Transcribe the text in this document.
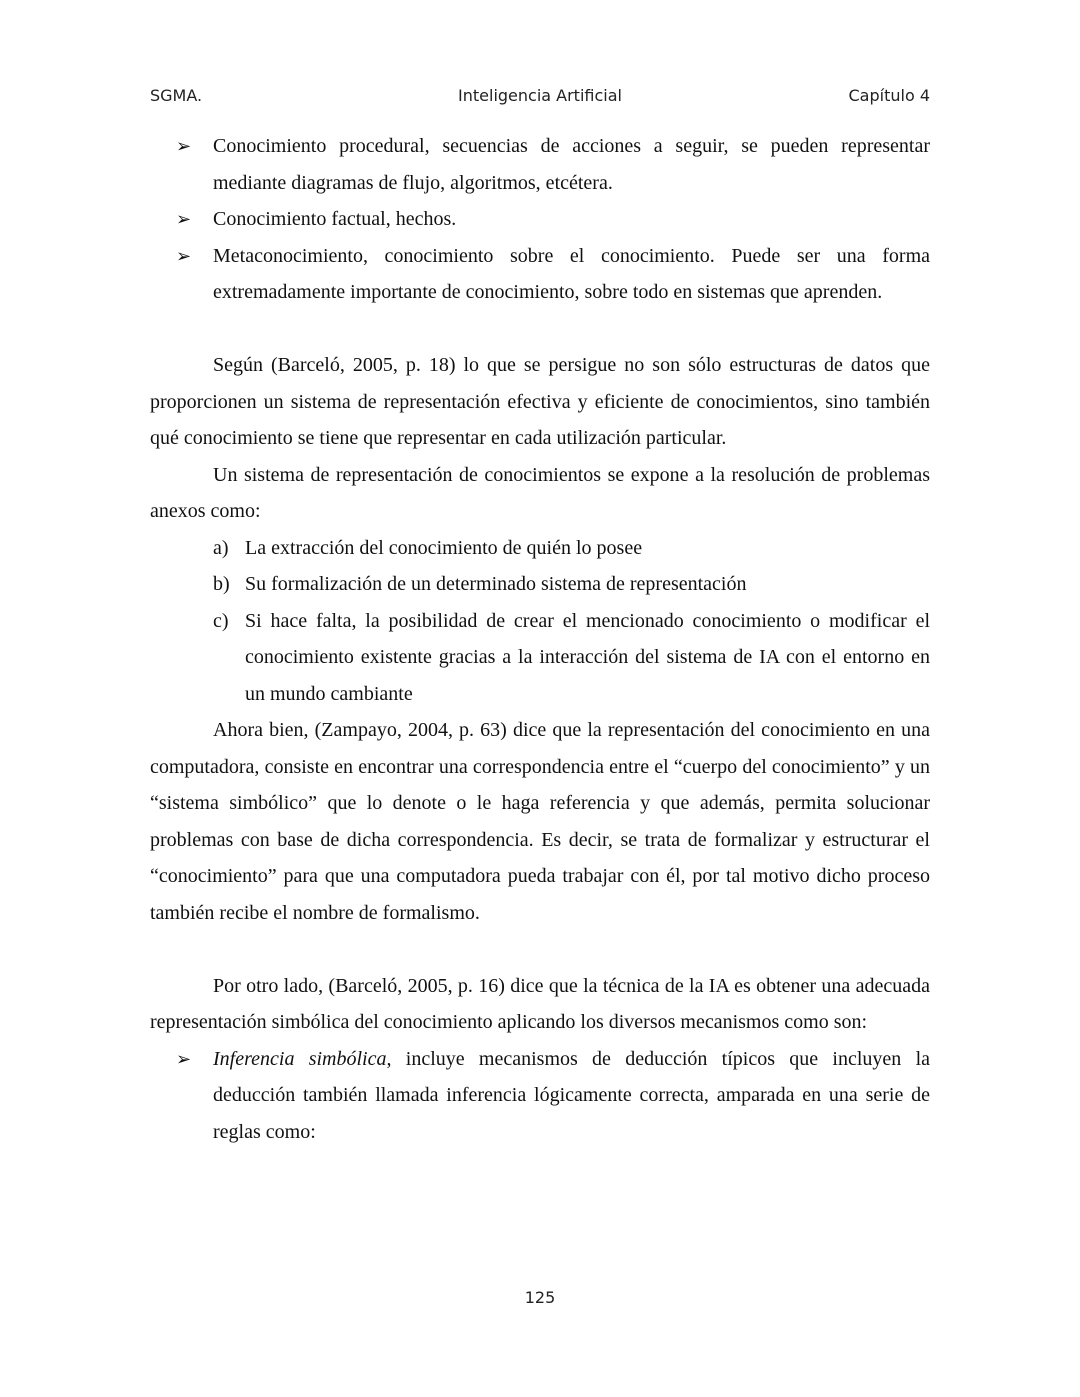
SGMA.	Inteligencia Artificial	Capítulo 4

➢ Conocimiento procedural, secuencias de acciones a seguir, se pueden representar mediante diagramas de flujo, algoritmos, etcétera.

➢ Conocimiento factual, hechos.

➢ Metaconocimiento, conocimiento sobre el conocimiento. Puede ser una forma extremadamente importante de conocimiento, sobre todo en sistemas que aprenden.

Según (Barceló, 2005, p. 18) lo que se persigue no son sólo estructuras de datos que proporcionen un sistema de representación efectiva y eficiente de conocimientos, sino también qué conocimiento se tiene que representar en cada utilización particular.

Un sistema de representación de conocimientos se expone a la resolución de problemas anexos como:

a) La extracción del conocimiento de quién lo posee

b) Su formalización de un determinado sistema de representación

c) Si hace falta, la posibilidad de crear el mencionado conocimiento o modificar el conocimiento existente gracias a la interacción del sistema de IA con el entorno en un mundo cambiante

Ahora bien, (Zampayo, 2004, p. 63) dice que la representación del conocimiento en una computadora, consiste en encontrar una correspondencia entre el “cuerpo del conocimiento” y un “sistema simbólico” que lo denote o le haga referencia y que además, permita solucionar problemas con base de dicha correspondencia. Es decir, se trata de formalizar y estructurar el “conocimiento” para que una computadora pueda trabajar con él, por tal motivo dicho proceso también recibe el nombre de formalismo.

Por otro lado, (Barceló, 2005, p. 16) dice que la técnica de la IA es obtener una adecuada representación simbólica del conocimiento aplicando los diversos mecanismos como son:

➢ Inferencia simbólica, incluye mecanismos de deducción típicos que incluyen la deducción también llamada inferencia lógicamente correcta, amparada en una serie de reglas como:

125
